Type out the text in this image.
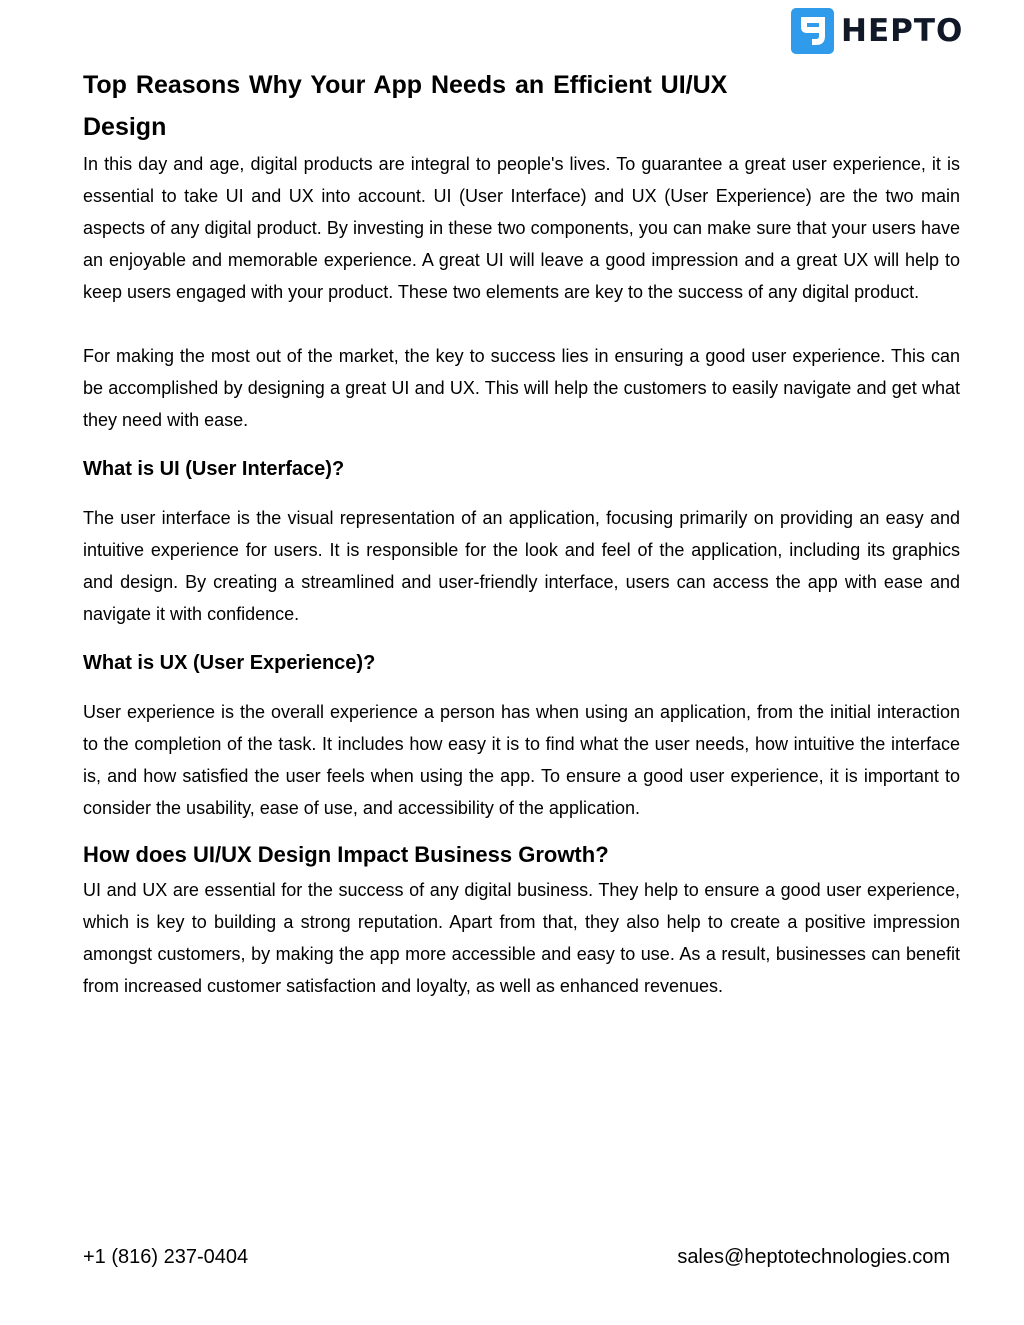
HEPTO
Top Reasons Why Your App Needs an Efficient UI/UX Design

In this day and age, digital products are integral to people's lives. To guarantee a great user experience, it is essential to take UI and UX into account. UI (User Interface) and UX (User Experience) are the two main aspects of any digital product. By investing in these two components, you can make sure that your users have an enjoyable and memorable experience. A great UI will leave a good impression and a great UX will help to keep users engaged with your product. These two elements are key to the success of any digital product.

For making the most out of the market, the key to success lies in ensuring a good user experience. This can be accomplished by designing a great UI and UX. This will help the customers to easily navigate and get what they need with ease.

What is UI (User Interface)?

The user interface is the visual representation of an application, focusing primarily on providing an easy and intuitive experience for users. It is responsible for the look and feel of the application, including its graphics and design. By creating a streamlined and user-friendly interface, users can access the app with ease and navigate it with confidence.

What is UX (User Experience)?

User experience is the overall experience a person has when using an application, from the initial interaction to the completion of the task. It includes how easy it is to find what the user needs, how intuitive the interface is, and how satisfied the user feels when using the app. To ensure a good user experience, it is important to consider the usability, ease of use, and accessibility of the application.

How does UI/UX Design Impact Business Growth?

UI and UX are essential for the success of any digital business. They help to ensure a good user experience, which is key to building a strong reputation. Apart from that, they also help to create a positive impression amongst customers, by making the app more accessible and easy to use. As a result, businesses can benefit from increased customer satisfaction and loyalty, as well as enhanced revenues.

+1 (816) 237-0404	sales@heptotechnologies.com
